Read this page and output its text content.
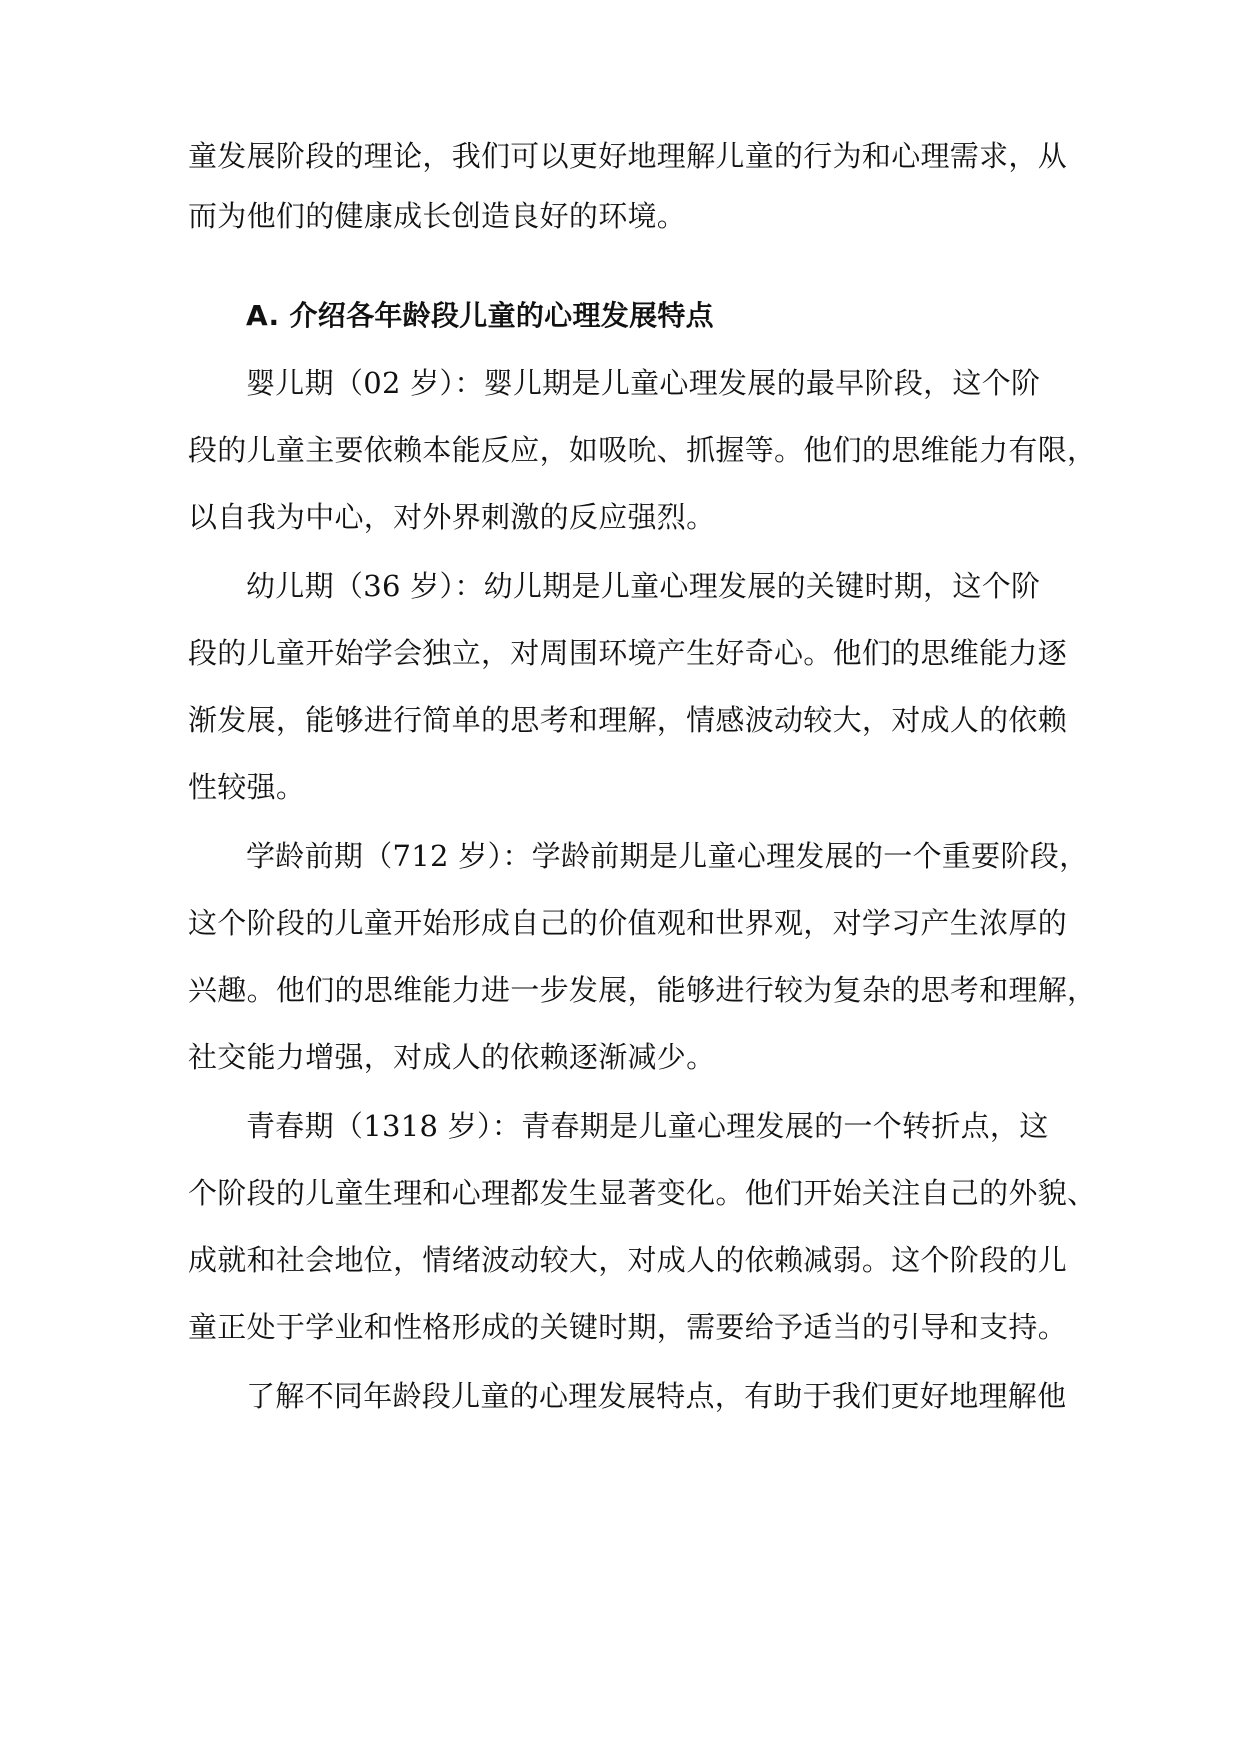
童发展阶段的理论，我们可以更好地理解儿童的行为和心理需求，从
而为他们的健康成长创造良好的环境。
A. 介绍各年龄段儿童的心理发展特点
婴儿期（02 岁）：婴儿期是儿童心理发展的最早阶段，这个阶
段的儿童主要依赖本能反应，如吸吮、抓握等。他们的思维能力有限，
以自我为中心，对外界刺激的反应强烈。
幼儿期（36 岁）：幼儿期是儿童心理发展的关键时期，这个阶
段的儿童开始学会独立，对周围环境产生好奇心。他们的思维能力逐
渐发展，能够进行简单的思考和理解，情感波动较大，对成人的依赖
性较强。
学龄前期（712 岁）：学龄前期是儿童心理发展的一个重要阶段，
这个阶段的儿童开始形成自己的价值观和世界观，对学习产生浓厚的
兴趣。他们的思维能力进一步发展，能够进行较为复杂的思考和理解，
社交能力增强，对成人的依赖逐渐减少。
青春期（1318 岁）：青春期是儿童心理发展的一个转折点，这
个阶段的儿童生理和心理都发生显著变化。他们开始关注自己的外貌、
成就和社会地位，情绪波动较大，对成人的依赖减弱。这个阶段的儿
童正处于学业和性格形成的关键时期，需要给予适当的引导和支持。
了解不同年龄段儿童的心理发展特点，有助于我们更好地理解他
